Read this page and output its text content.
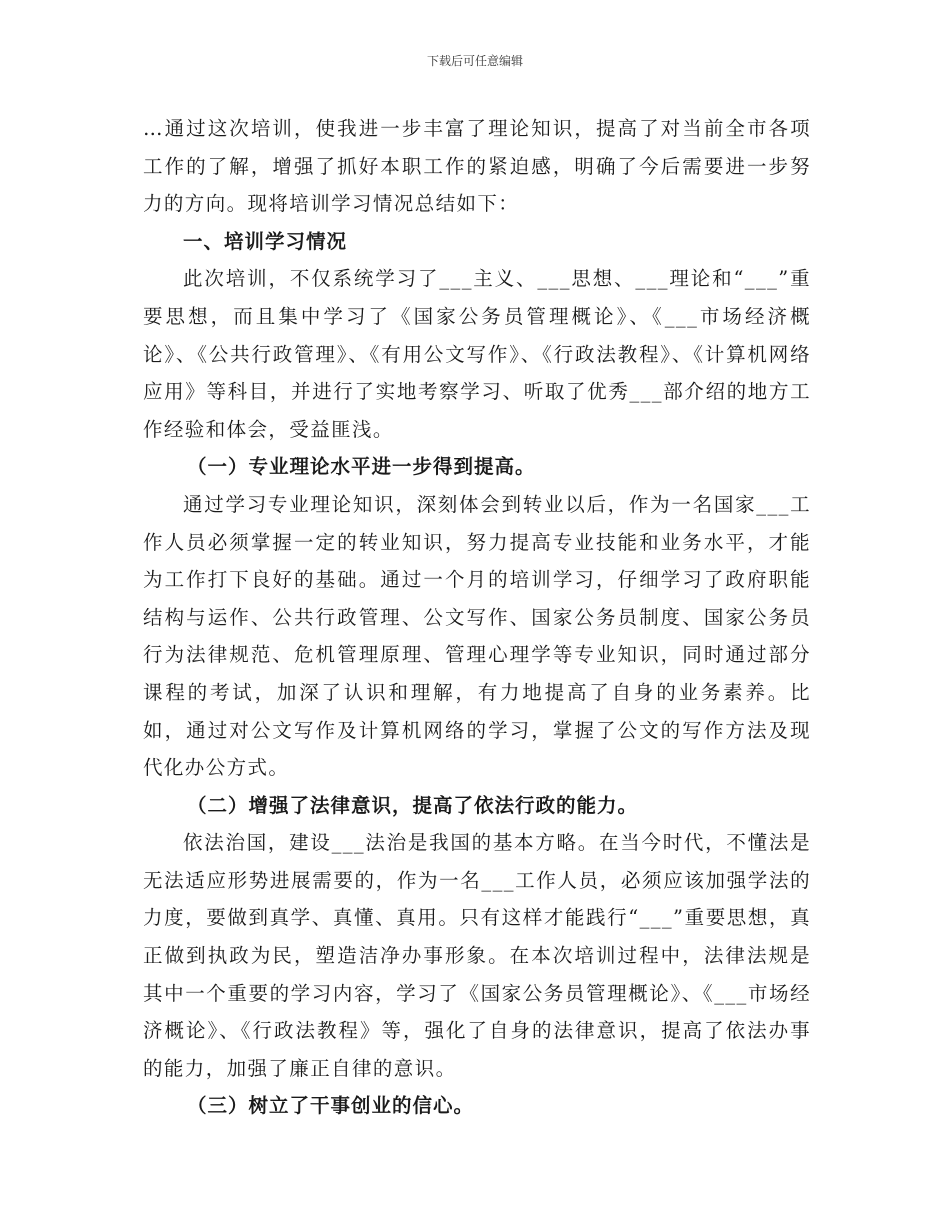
下载后可任意编辑

…通过这次培训，使我进一步丰富了理论知识，提高了对当前全市各项工作的了解，增强了抓好本职工作的紧迫感，明确了今后需要进一步努力的方向。现将培训学习情况总结如下：

一、培训学习情况

此次培训，不仅系统学习了___主义、___思想、___理论和“___”重要思想，而且集中学习了《国家公务员管理概论》、《___市场经济概论》、《公共行政管理》、《有用公文写作》、《行政法教程》、《计算机网络应用》等科目，并进行了实地考察学习、听取了优秀___部介绍的地方工作经验和体会，受益匪浅。

（一）专业理论水平进一步得到提高。

通过学习专业理论知识，深刻体会到转业以后，作为一名国家___工作人员必须掌握一定的转业知识，努力提高专业技能和业务水平，才能为工作打下良好的基础。通过一个月的培训学习，仔细学习了政府职能结构与运作、公共行政管理、公文写作、国家公务员制度、国家公务员行为法律规范、危机管理原理、管理心理学等专业知识，同时通过部分课程的考试，加深了认识和理解，有力地提高了自身的业务素养。比如，通过对公文写作及计算机网络的学习，掌握了公文的写作方法及现代化办公方式。

（二）增强了法律意识，提高了依法行政的能力。

依法治国，建设___法治是我国的基本方略。在当今时代，不懂法是无法适应形势进展需要的，作为一名___工作人员，必须应该加强学法的力度，要做到真学、真懂、真用。只有这样才能践行“___”重要思想，真正做到执政为民，塑造洁净办事形象。在本次培训过程中，法律法规是其中一个重要的学习内容，学习了《国家公务员管理概论》、《___市场经济概论》、《行政法教程》等，强化了自身的法律意识，提高了依法办事的能力，加强了廉正自律的意识。

（三）树立了干事创业的信心。
